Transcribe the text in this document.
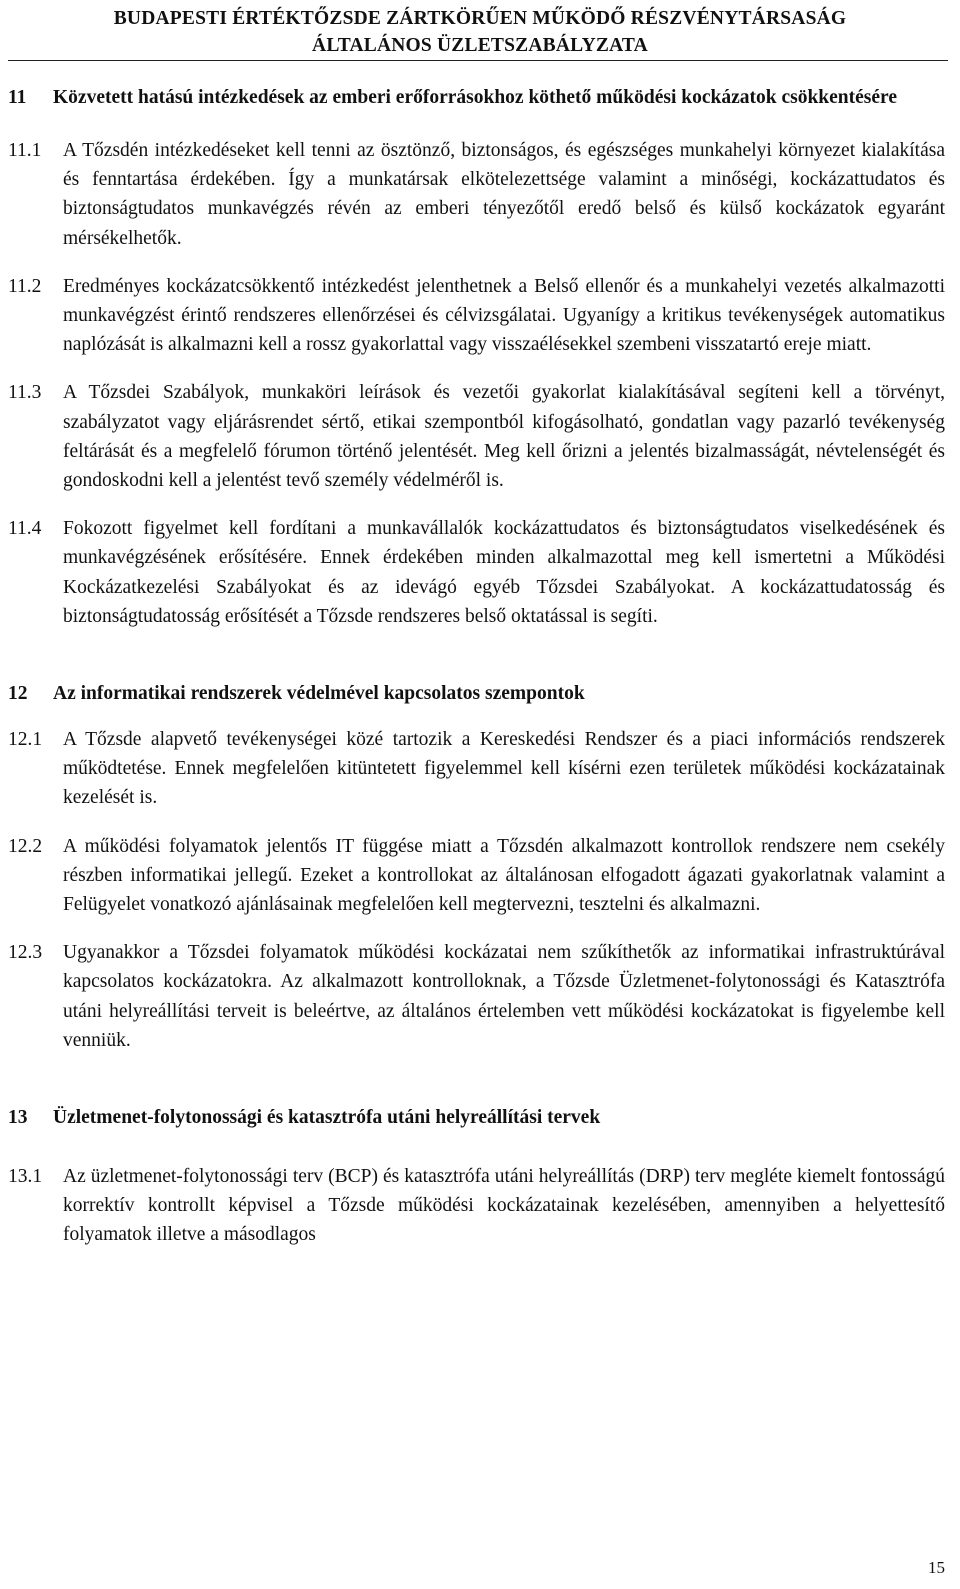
BUDAPESTI ÉRTÉKTŐZSDE ZÁRTKÖRŰEN MŰKÖDŐ RÉSZVÉNYTÁRSASÁG
ÁLTALÁNOS ÜZLETSZABÁLYZATA
11	Közvetett hatású intézkedések az emberi erőforrásokhoz köthető működési kockázatok csökkentésére
11.1	A Tőzsdén intézkedéseket kell tenni az ösztönző, biztonságos, és egészséges munkahelyi környezet kialakítása és fenntartása érdekében. Így a munkatársak elkötelezettsége valamint a minőségi, kockázattudatos és biztonságtudatos munkavégzés révén az emberi tényezőtől eredő belső és külső kockázatok egyaránt mérsékelhetők.
11.2	Eredményes kockázatcsökkentő intézkedést jelenthetnek a Belső ellenőr és a munkahelyi vezetés alkalmazotti munkavégzést érintő rendszeres ellenőrzései és célvizsgálatai. Ugyanígy a kritikus tevékenységek automatikus naplózását is alkalmazni kell a rossz gyakorlattal vagy visszaélésekkel szembeni visszatartó ereje miatt.
11.3	A Tőzsdei Szabályok, munkaköri leírások és vezetői gyakorlat kialakításával segíteni kell a törvényt, szabályzatot vagy eljárásrendet sértő, etikai szempontból kifogásolható, gondatlan vagy pazarló tevékenység feltárását és a megfelelő fórumon történő jelentését. Meg kell őrizni a jelentés bizalmasságát, névtelenségét és gondoskodni kell a jelentést tevő személy védelméről is.
11.4	Fokozott figyelmet kell fordítani a munkavállalók kockázattudatos és biztonságtudatos viselkedésének és munkavégzésének erősítésére. Ennek érdekében minden alkalmazottal meg kell ismertetni a Működési Kockázatkezelési Szabályokat és az idevágó egyéb Tőzsdei Szabályokat. A kockázattudatosság és biztonságtudatosság erősítését a Tőzsde rendszeres belső oktatással is segíti.
12	Az informatikai rendszerek védelmével kapcsolatos szempontok
12.1	A Tőzsde alapvető tevékenységei közé tartozik a Kereskedési Rendszer és a piaci információs rendszerek működtetése. Ennek megfelelően kitüntetett figyelemmel kell kísérni ezen területek működési kockázatainak kezelését is.
12.2	A működési folyamatok jelentős IT függése miatt a Tőzsdén alkalmazott kontrollok rendszere nem csekély részben informatikai jellegű. Ezeket a kontrollokat az általánosan elfogadott ágazati gyakorlatnak valamint a Felügyelet vonatkozó ajánlásainak megfelelően kell megtervezni, tesztelni és alkalmazni.
12.3	Ugyanakkor a Tőzsdei folyamatok működési kockázatai nem szűkíthetők az informatikai infrastruktúrával kapcsolatos kockázatokra. Az alkalmazott kontrolloknak, a Tőzsde Üzletmenet-folytonossági és Katasztrófa utáni helyreállítási terveit is beleértve, az általános értelemben vett működési kockázatokat is figyelembe kell venniük.
13	Üzletmenet-folytonossági és katasztrófa utáni helyreállítási tervek
13.1	Az üzletmenet-folytonossági terv (BCP) és katasztrófa utáni helyreállítás (DRP) terv megléte kiemelt fontosságú korrektív kontrollt képvisel a Tőzsde működési kockázatainak kezelésében, amennyiben a helyettesítő folyamatok illetve a másodlagos
15
